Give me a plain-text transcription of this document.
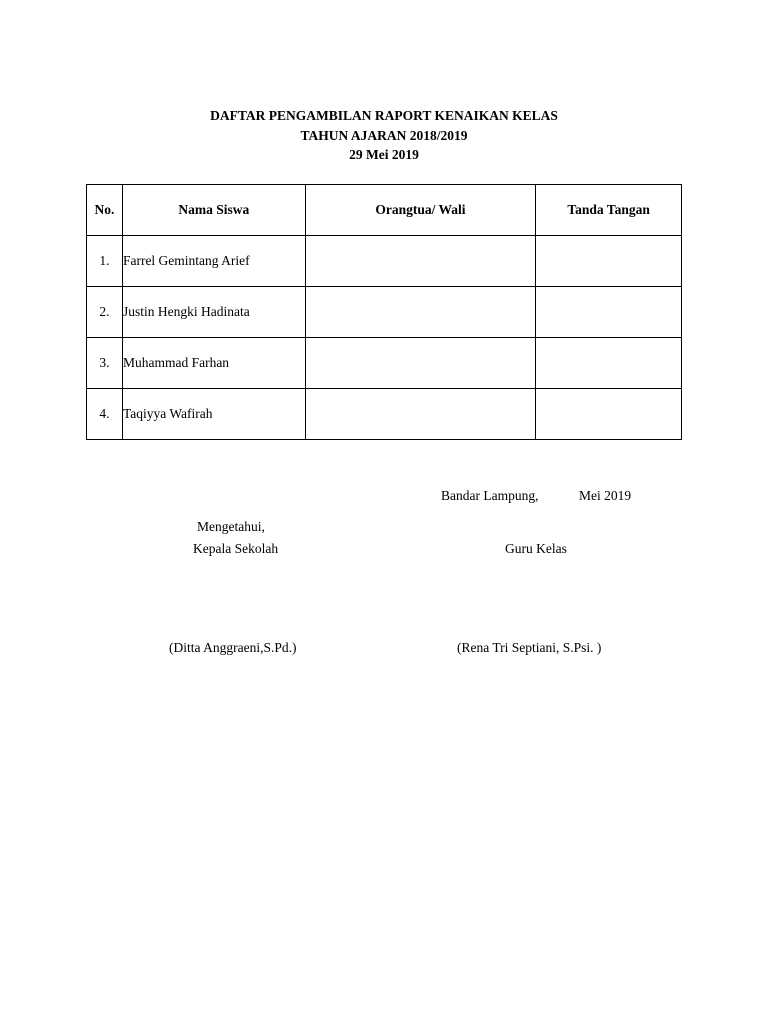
DAFTAR PENGAMBILAN RAPORT KENAIKAN KELAS
TAHUN AJARAN 2018/2019
29 Mei 2019
No.	Nama Siswa	Orangtua/ Wali	Tanda Tangan
1.	Farrel Gemintang Arief		
2.	Justin Hengki Hadinata		
3.	Muhammad Farhan		
4.	Taqiyya Wafirah		
Bandar Lampung,	Mei 2019
Mengetahui,
Kepala Sekolah	Guru Kelas
(Ditta Anggraeni,S.Pd.)	(Rena Tri Septiani, S.Psi. )
